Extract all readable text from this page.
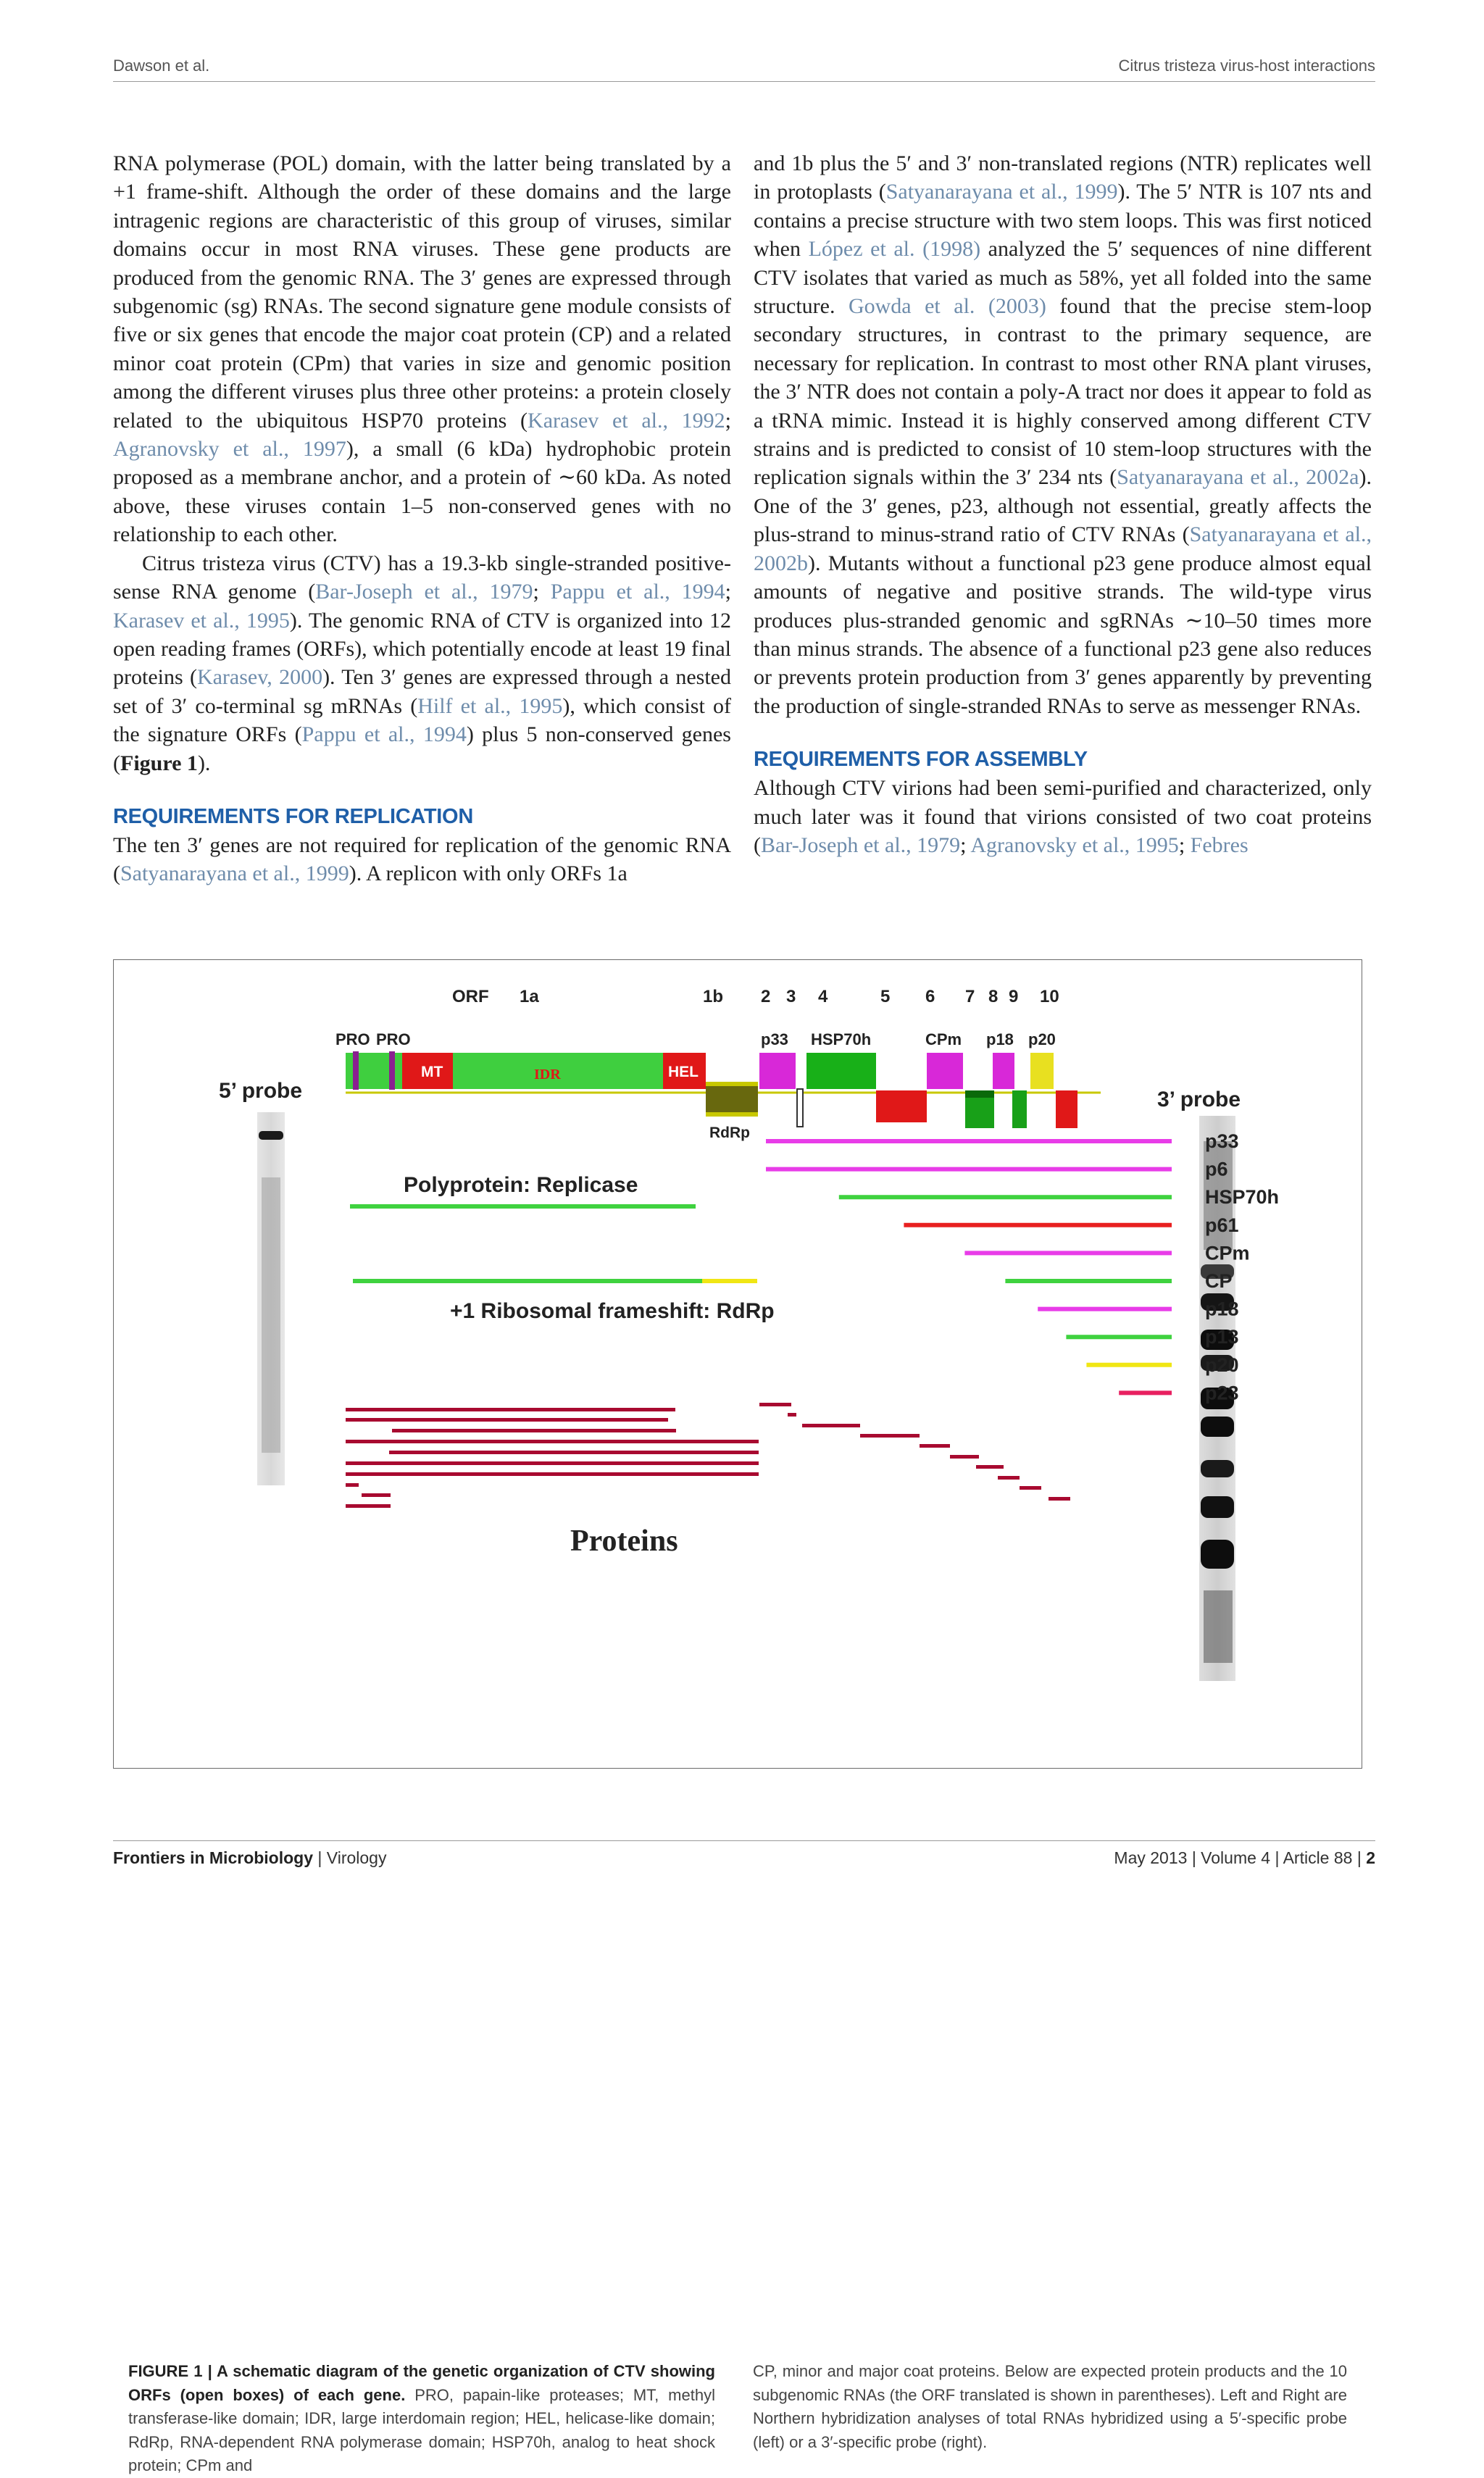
Dawson et al.	Citrus tristeza virus-host interactions

RNA polymerase (POL) domain, with the latter being translated by a +1 frame-shift. Although the order of these domains and the large intragenic regions are characteristic of this group of viruses, similar domains occur in most RNA viruses. These gene products are produced from the genomic RNA. The 3′ genes are expressed through subgenomic (sg) RNAs. The second signature gene module consists of five or six genes that encode the major coat protein (CP) and a related minor coat protein (CPm) that varies in size and genomic position among the different viruses plus three other proteins: a protein closely related to the ubiquitous HSP70 proteins (Karasev et al., 1992; Agranovsky et al., 1997), a small (6 kDa) hydrophobic protein proposed as a membrane anchor, and a protein of ∼60 kDa. As noted above, these viruses contain 1–5 non-conserved genes with no relationship to each other.

Citrus tristeza virus (CTV) has a 19.3-kb single-stranded positive-sense RNA genome (Bar-Joseph et al., 1979; Pappu et al., 1994; Karasev et al., 1995). The genomic RNA of CTV is organized into 12 open reading frames (ORFs), which potentially encode at least 19 final proteins (Karasev, 2000). Ten 3′ genes are expressed through a nested set of 3′ co-terminal sg mRNAs (Hilf et al., 1995), which consist of the signature ORFs (Pappu et al., 1994) plus 5 non-conserved genes (Figure 1).

REQUIREMENTS FOR REPLICATION

The ten 3′ genes are not required for replication of the genomic RNA (Satyanarayana et al., 1999). A replicon with only ORFs 1a

and 1b plus the 5′ and 3′ non-translated regions (NTR) replicates well in protoplasts (Satyanarayana et al., 1999). The 5′ NTR is 107 nts and contains a precise structure with two stem loops. This was first noticed when López et al. (1998) analyzed the 5′ sequences of nine different CTV isolates that varied as much as 58%, yet all folded into the same structure. Gowda et al. (2003) found that the precise stem-loop secondary structures, in contrast to the primary sequence, are necessary for replication. In contrast to most other RNA plant viruses, the 3′ NTR does not contain a poly-A tract nor does it appear to fold as a tRNA mimic. Instead it is highly conserved among different CTV strains and is predicted to consist of 10 stem-loop structures with the replication signals within the 3′ 234 nts (Satyanarayana et al., 2002a). One of the 3′ genes, p23, although not essential, greatly affects the plus-strand to minus-strand ratio of CTV RNAs (Satyanarayana et al., 2002b). Mutants without a functional p23 gene produce almost equal amounts of negative and positive strands. The wild-type virus produces plus-stranded genomic and sgRNAs ∼10–50 times more than minus strands. The absence of a functional p23 gene also reduces or prevents protein production from 3′ genes apparently by preventing the production of single-stranded RNAs to serve as messenger RNAs.

REQUIREMENTS FOR ASSEMBLY

Although CTV virions had been semi-purified and characterized, only much later was it found that virions consisted of two coat proteins (Bar-Joseph et al., 1979; Agranovsky et al., 1995; Febres

ORF 1a	1b 2 3 4	5 6 7 8 9 10
PRO PRO
MT	IDR	HEL
RdRp
p33 HSP70h	CPm p18 p20
5’ probe	3’ probe
Polyprotein: Replicase
+1 Ribosomal frameshift: RdRp
p33
p6
HSP70h
p61
CPm
CP
p18
p13
p20
p23
Proteins
FIGURE 1 | A schematic diagram of the genetic organization of CTV showing ORFs (open boxes) of each gene. PRO, papain-like proteases; MT, methyl transferase-like domain; IDR, large interdomain region; HEL, helicase-like domain; RdRp, RNA-dependent RNA polymerase domain; HSP70h, analog to heat shock protein; CPm and
CP, minor and major coat proteins. Below are expected protein products and the 10 subgenomic RNAs (the ORF translated is shown in parentheses). Left and Right are Northern hybridization analyses of total RNAs hybridized using a 5′-specific probe (left) or a 3′-specific probe (right).
Frontiers in Microbiology | Virology	May 2013 | Volume 4 | Article 88 | 2
